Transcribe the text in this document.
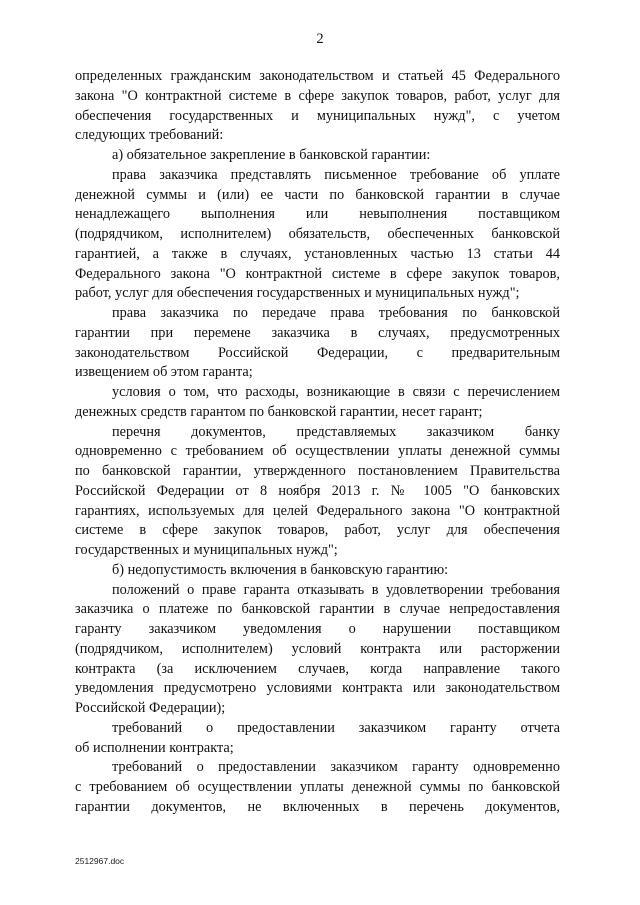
2
определенных гражданским законодательством и статьей 45 Федерального
закона "О контрактной системе в сфере закупок товаров, работ, услуг для
обеспечения государственных и муниципальных нужд", с учетом
следующих требований:
а) обязательное закрепление в банковской гарантии:
права заказчика представлять письменное требование об уплате
денежной суммы и (или) ее части по банковской гарантии в случае
ненадлежащего выполнения или невыполнения поставщиком
(подрядчиком, исполнителем) обязательств, обеспеченных банковской
гарантией, а также в случаях, установленных частью 13 статьи 44
Федерального закона "О контрактной системе в сфере закупок товаров,
работ, услуг для обеспечения государственных и муниципальных нужд";
права заказчика по передаче права требования по банковской
гарантии при перемене заказчика в случаях, предусмотренных
законодательством Российской Федерации, с предварительным
извещением об этом гаранта;
условия о том, что расходы, возникающие в связи с перечислением
денежных средств гарантом по банковской гарантии, несет гарант;
перечня документов, представляемых заказчиком банку
одновременно с требованием об осуществлении уплаты денежной суммы
по банковской гарантии, утвержденного постановлением Правительства
Российской Федерации от 8 ноября 2013 г. № 1005 "О банковских
гарантиях, используемых для целей Федерального закона "О контрактной
системе в сфере закупок товаров, работ, услуг для обеспечения
государственных и муниципальных нужд";
б) недопустимость включения в банковскую гарантию:
положений о праве гаранта отказывать в удовлетворении требования
заказчика о платеже по банковской гарантии в случае непредоставления
гаранту заказчиком уведомления о нарушении поставщиком
(подрядчиком, исполнителем) условий контракта или расторжении
контракта (за исключением случаев, когда направление такого
уведомления предусмотрено условиями контракта или законодательством
Российской Федерации);
требований о предоставлении заказчиком гаранту отчета
об исполнении контракта;
требований о предоставлении заказчиком гаранту одновременно
с требованием об осуществлении уплаты денежной суммы по банковской
гарантии документов, не включенных в перечень документов,
2512967.doc
